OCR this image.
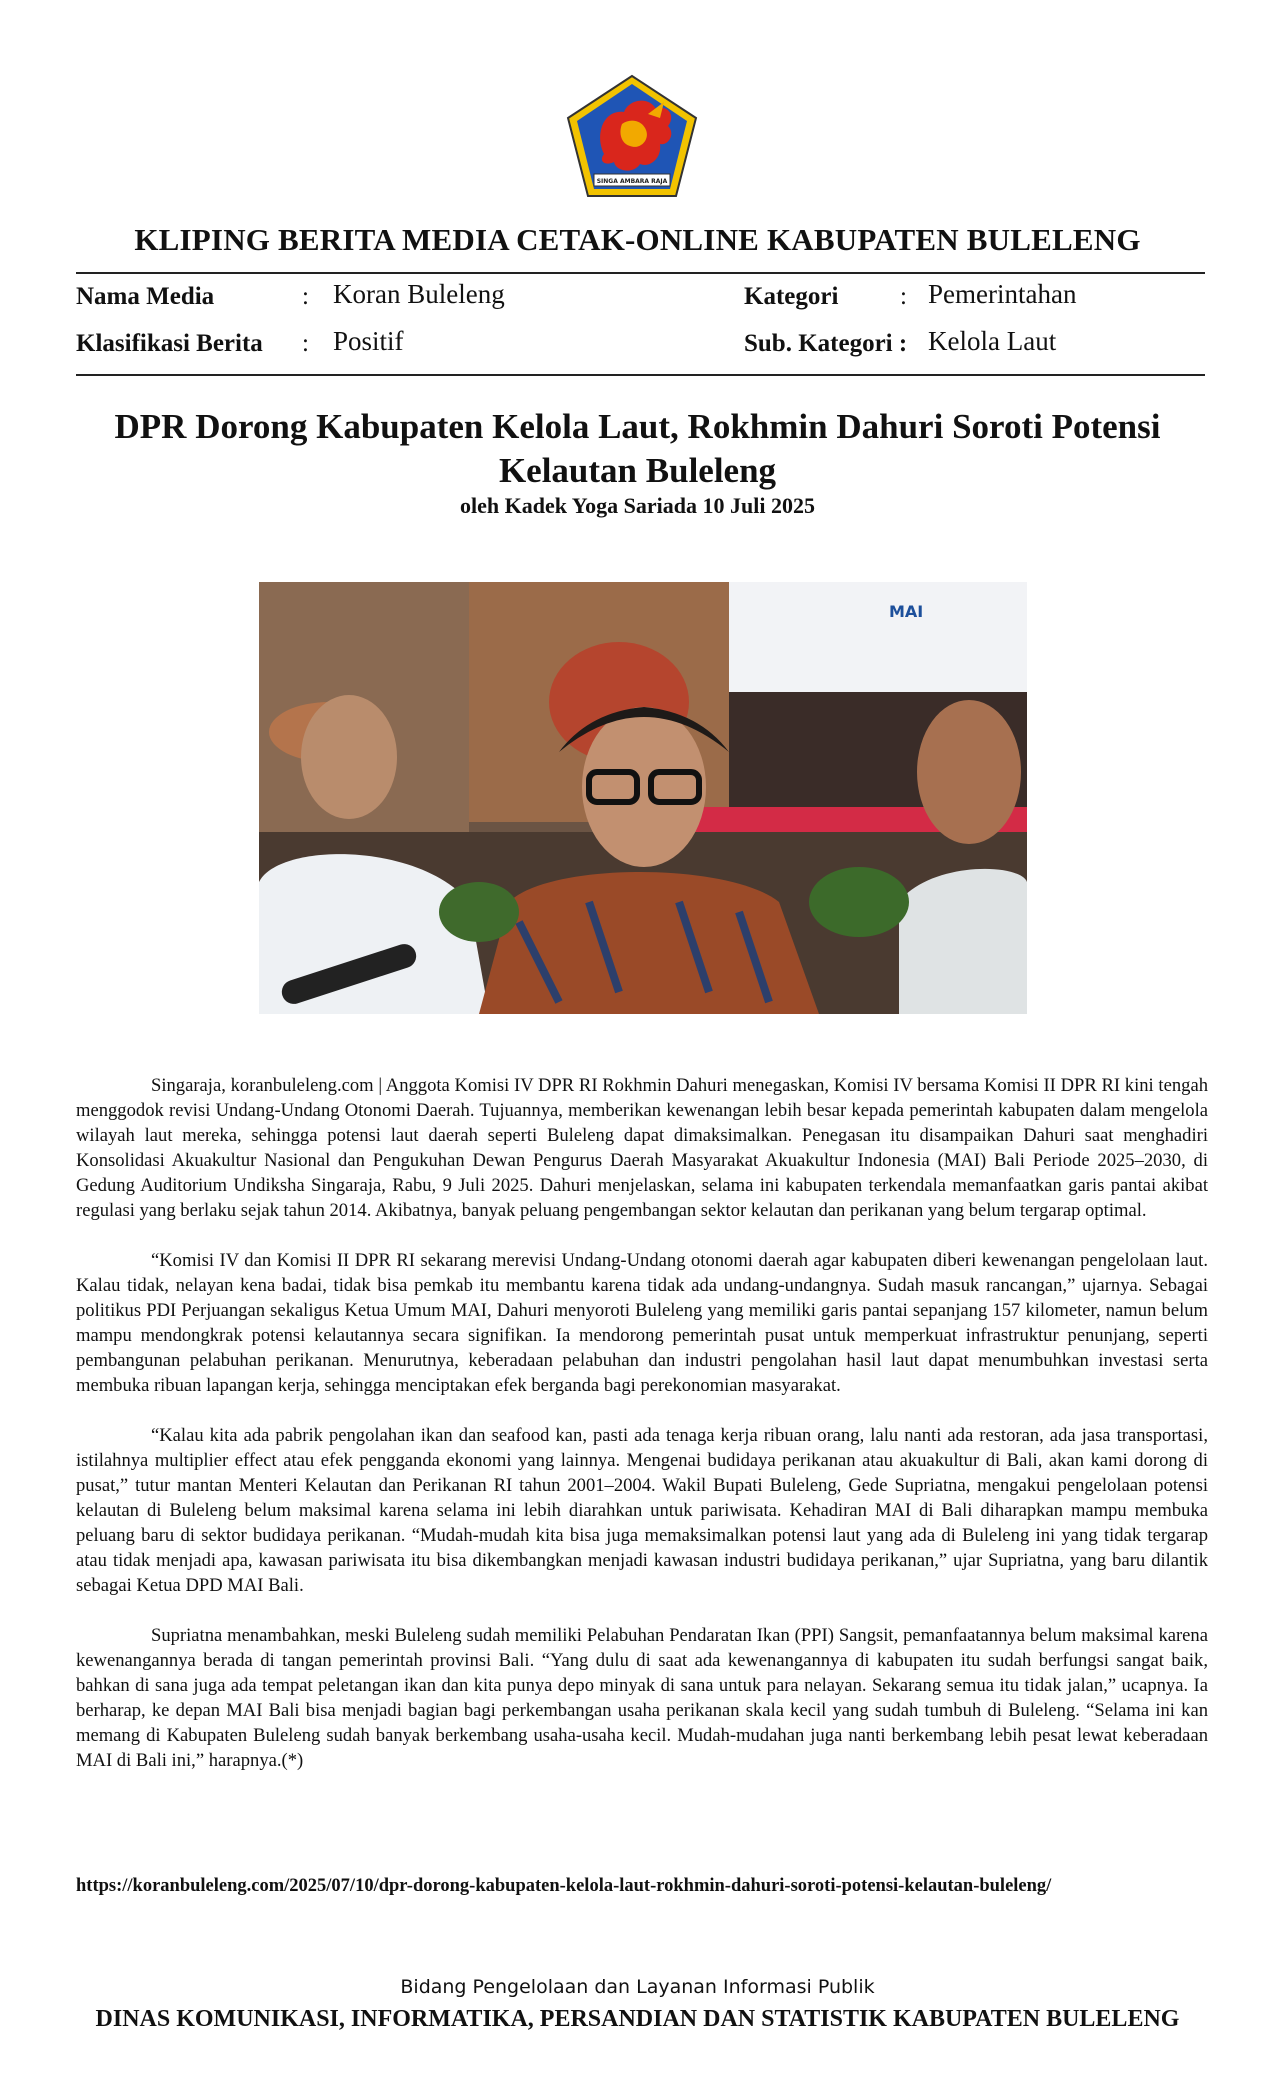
SINGA AMBARA RAJA
KLIPING BERITA MEDIA CETAK-ONLINE KABUPATEN BULELENG
Nama Media	: Koran Buleleng	Kategori : Pemerintahan
Klasifikasi Berita : Positif	Sub. Kategori : Kelola Laut
DPR Dorong Kabupaten Kelola Laut, Rokhmin Dahuri Soroti Potensi Kelautan Buleleng
oleh Kadek Yoga Sariada 10 Juli 2025
MAI

Singaraja, koranbuleleng.com | Anggota Komisi IV DPR RI Rokhmin Dahuri menegaskan, Komisi IV bersama Komisi II DPR RI kini tengah menggodok revisi Undang-Undang Otonomi Daerah. Tujuannya, memberikan kewenangan lebih besar kepada pemerintah kabupaten dalam mengelola wilayah laut mereka, sehingga potensi laut daerah seperti Buleleng dapat dimaksimalkan. Penegasan itu disampaikan Dahuri saat menghadiri Konsolidasi Akuakultur Nasional dan Pengukuhan Dewan Pengurus Daerah Masyarakat Akuakultur Indonesia (MAI) Bali Periode 2025–2030, di Gedung Auditorium Undiksha Singaraja, Rabu, 9 Juli 2025. Dahuri menjelaskan, selama ini kabupaten terkendala memanfaatkan garis pantai akibat regulasi yang berlaku sejak tahun 2014. Akibatnya, banyak peluang pengembangan sektor kelautan dan perikanan yang belum tergarap optimal.

“Komisi IV dan Komisi II DPR RI sekarang merevisi Undang-Undang otonomi daerah agar kabupaten diberi kewenangan pengelolaan laut. Kalau tidak, nelayan kena badai, tidak bisa pemkab itu membantu karena tidak ada undang-undangnya. Sudah masuk rancangan,” ujarnya. Sebagai politikus PDI Perjuangan sekaligus Ketua Umum MAI, Dahuri menyoroti Buleleng yang memiliki garis pantai sepanjang 157 kilometer, namun belum mampu mendongkrak potensi kelautannya secara signifikan. Ia mendorong pemerintah pusat untuk memperkuat infrastruktur penunjang, seperti pembangunan pelabuhan perikanan. Menurutnya, keberadaan pelabuhan dan industri pengolahan hasil laut dapat menumbuhkan investasi serta membuka ribuan lapangan kerja, sehingga menciptakan efek berganda bagi perekonomian masyarakat.

“Kalau kita ada pabrik pengolahan ikan dan seafood kan, pasti ada tenaga kerja ribuan orang, lalu nanti ada restoran, ada jasa transportasi, istilahnya multiplier effect atau efek pengganda ekonomi yang lainnya. Mengenai budidaya perikanan atau akuakultur di Bali, akan kami dorong di pusat,” tutur mantan Menteri Kelautan dan Perikanan RI tahun 2001–2004. Wakil Bupati Buleleng, Gede Supriatna, mengakui pengelolaan potensi kelautan di Buleleng belum maksimal karena selama ini lebih diarahkan untuk pariwisata. Kehadiran MAI di Bali diharapkan mampu membuka peluang baru di sektor budidaya perikanan. “Mudah-mudah kita bisa juga memaksimalkan potensi laut yang ada di Buleleng ini yang tidak tergarap atau tidak menjadi apa, kawasan pariwisata itu bisa dikembangkan menjadi kawasan industri budidaya perikanan,” ujar Supriatna, yang baru dilantik sebagai Ketua DPD MAI Bali.

Supriatna menambahkan, meski Buleleng sudah memiliki Pelabuhan Pendaratan Ikan (PPI) Sangsit, pemanfaatannya belum maksimal karena kewenangannya berada di tangan pemerintah provinsi Bali. “Yang dulu di saat ada kewenangannya di kabupaten itu sudah berfungsi sangat baik, bahkan di sana juga ada tempat peletangan ikan dan kita punya depo minyak di sana untuk para nelayan. Sekarang semua itu tidak jalan,” ucapnya. Ia berharap, ke depan MAI Bali bisa menjadi bagian bagi perkembangan usaha perikanan skala kecil yang sudah tumbuh di Buleleng. “Selama ini kan memang di Kabupaten Buleleng sudah banyak berkembang usaha-usaha kecil. Mudah-mudahan juga nanti berkembang lebih pesat lewat keberadaan MAI di Bali ini,” harapnya.(*)

https://koranbuleleng.com/2025/07/10/dpr-dorong-kabupaten-kelola-laut-rokhmin-dahuri-soroti-potensi-kelautan-buleleng/
Bidang Pengelolaan dan Layanan Informasi Publik
DINAS KOMUNIKASI, INFORMATIKA, PERSANDIAN DAN STATISTIK KABUPATEN BULELENG
